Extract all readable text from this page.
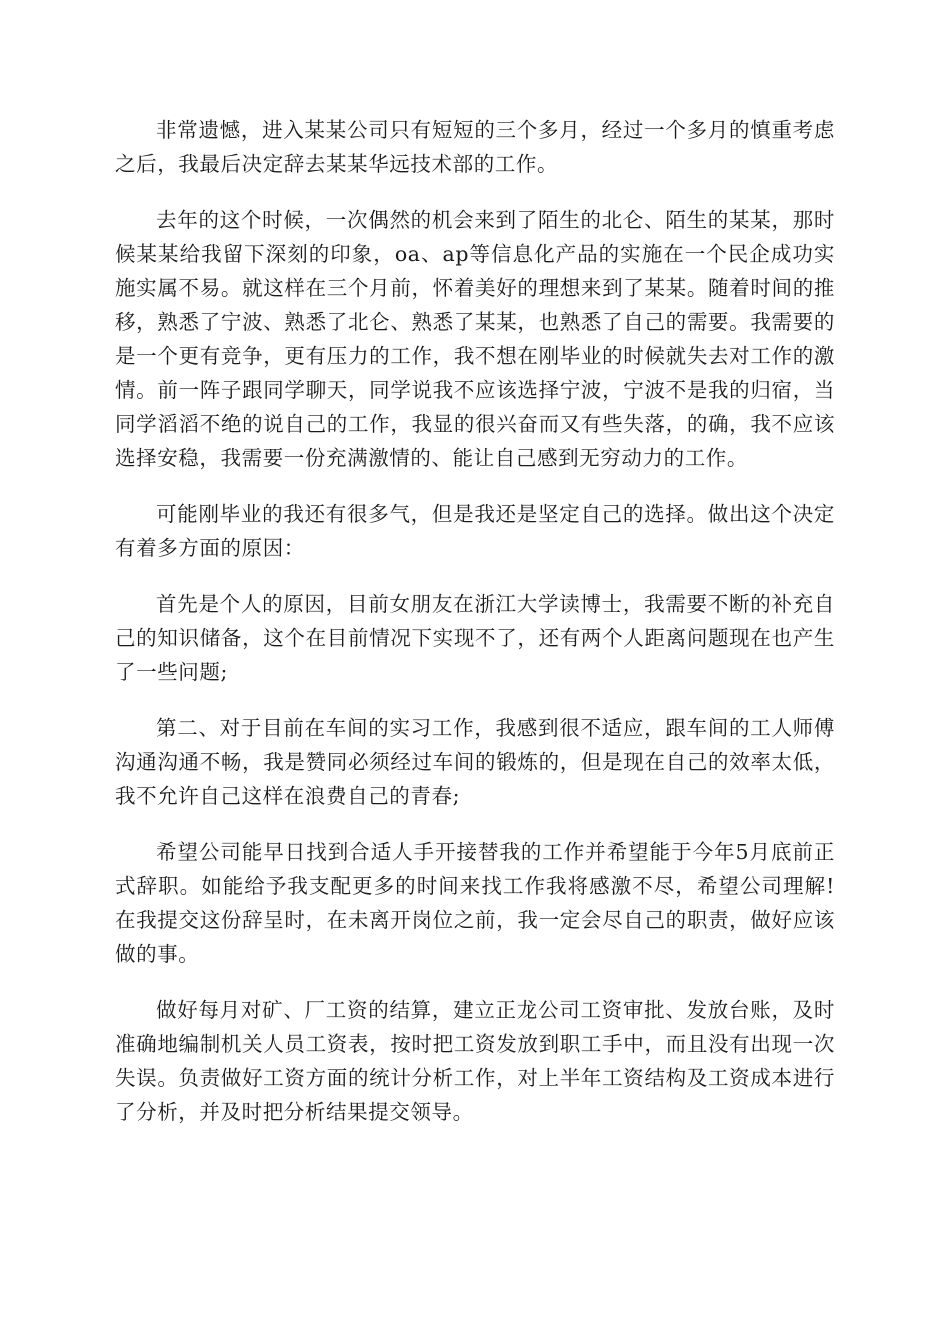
非常遗憾，进入某某公司只有短短的三个多月，经过一个多月的慎重考虑之后，我最后决定辞去某某华远技术部的工作。

去年的这个时候，一次偶然的机会来到了陌生的北仑、陌生的某某，那时候某某给我留下深刻的印象，oa、ap等信息化产品的实施在一个民企成功实施实属不易。就这样在三个月前，怀着美好的理想来到了某某。随着时间的推移，熟悉了宁波、熟悉了北仑、熟悉了某某，也熟悉了自己的需要。我需要的是一个更有竞争，更有压力的工作，我不想在刚毕业的时候就失去对工作的激情。前一阵子跟同学聊天，同学说我不应该选择宁波，宁波不是我的归宿，当同学滔滔不绝的说自己的工作，我显的很兴奋而又有些失落，的确，我不应该选择安稳，我需要一份充满激情的、能让自己感到无穷动力的工作。

可能刚毕业的我还有很多气，但是我还是坚定自己的选择。做出这个决定有着多方面的原因：

首先是个人的原因，目前女朋友在浙江大学读博士，我需要不断的补充自己的知识储备，这个在目前情况下实现不了，还有两个人距离问题现在也产生了一些问题;

第二、对于目前在车间的实习工作，我感到很不适应，跟车间的工人师傅沟通沟通不畅，我是赞同必须经过车间的锻炼的，但是现在自己的效率太低，我不允许自己这样在浪费自己的青春;

希望公司能早日找到合适人手开接替我的工作并希望能于今年5月底前正式辞职。如能给予我支配更多的时间来找工作我将感激不尽，希望公司理解!在我提交这份辞呈时，在未离开岗位之前，我一定会尽自己的职责，做好应该做的事。

做好每月对矿、厂工资的结算，建立正龙公司工资审批、发放台账，及时准确地编制机关人员工资表，按时把工资发放到职工手中，而且没有出现一次失误。负责做好工资方面的统计分析工作，对上半年工资结构及工资成本进行了分析，并及时把分析结果提交领导。
